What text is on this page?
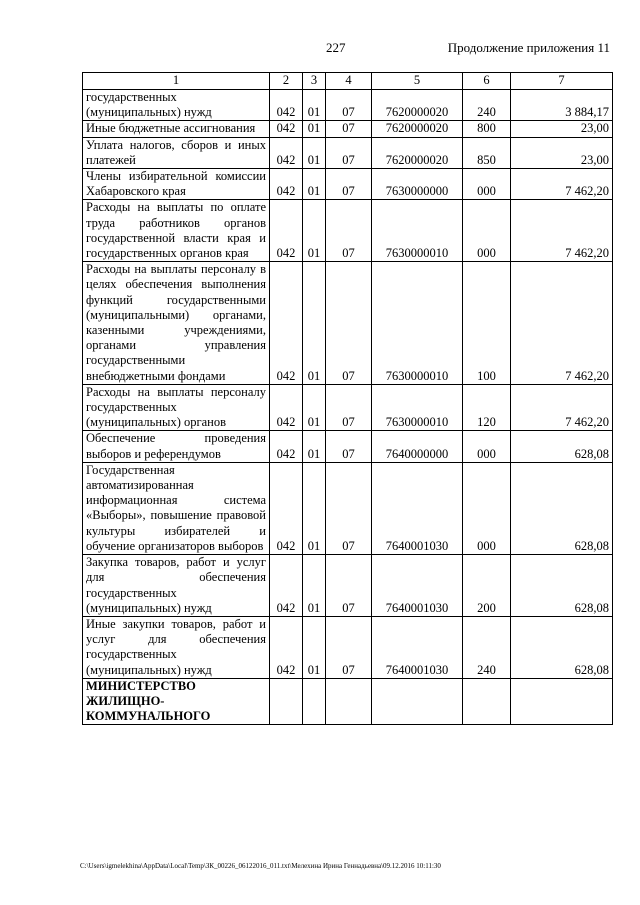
227	Продолжение приложения 11
1	2	3	4	5	6	7
государственных (муниципальных) нужд	042	01	07	7620000020	240	3 884,17
Иные бюджетные ассигнования	042	01	07	7620000020	800	23,00
Уплата налогов, сборов и иных платежей	042	01	07	7620000020	850	23,00
Члены избирательной комиссии Хабаровского края	042	01	07	7630000000	000	7 462,20
Расходы на выплаты по оплате труда работников органов государственной власти края и государственных органов края	042	01	07	7630000010	000	7 462,20
Расходы на выплаты персоналу в целях обеспечения выполнения функций государственными (муниципальными) органами, казенными учреждениями, органами управления государственными внебюджетными фондами	042	01	07	7630000010	100	7 462,20
Расходы на выплаты персоналу государственных (муниципальных) органов	042	01	07	7630000010	120	7 462,20
Обеспечение проведения выборов и референдумов	042	01	07	7640000000	000	628,08
Государственная автоматизированная информационная система «Выборы», повышение правовой культуры избирателей и обучение организаторов выборов	042	01	07	7640001030	000	628,08
Закупка товаров, работ и услуг для обеспечения государственных (муниципальных) нужд	042	01	07	7640001030	200	628,08
Иные закупки товаров, работ и услуг для обеспечения государственных (муниципальных) нужд	042	01	07	7640001030	240	628,08
МИНИСТЕРСТВО ЖИЛИЩНО-КОММУНАЛЬНОГО						
C:\Users\igmelekhina\AppData\Local\Temp\ЗК_00226_06122016_011.txt\Мелехина Ирина Геннадьевна\09.12.2016 10:11:30
